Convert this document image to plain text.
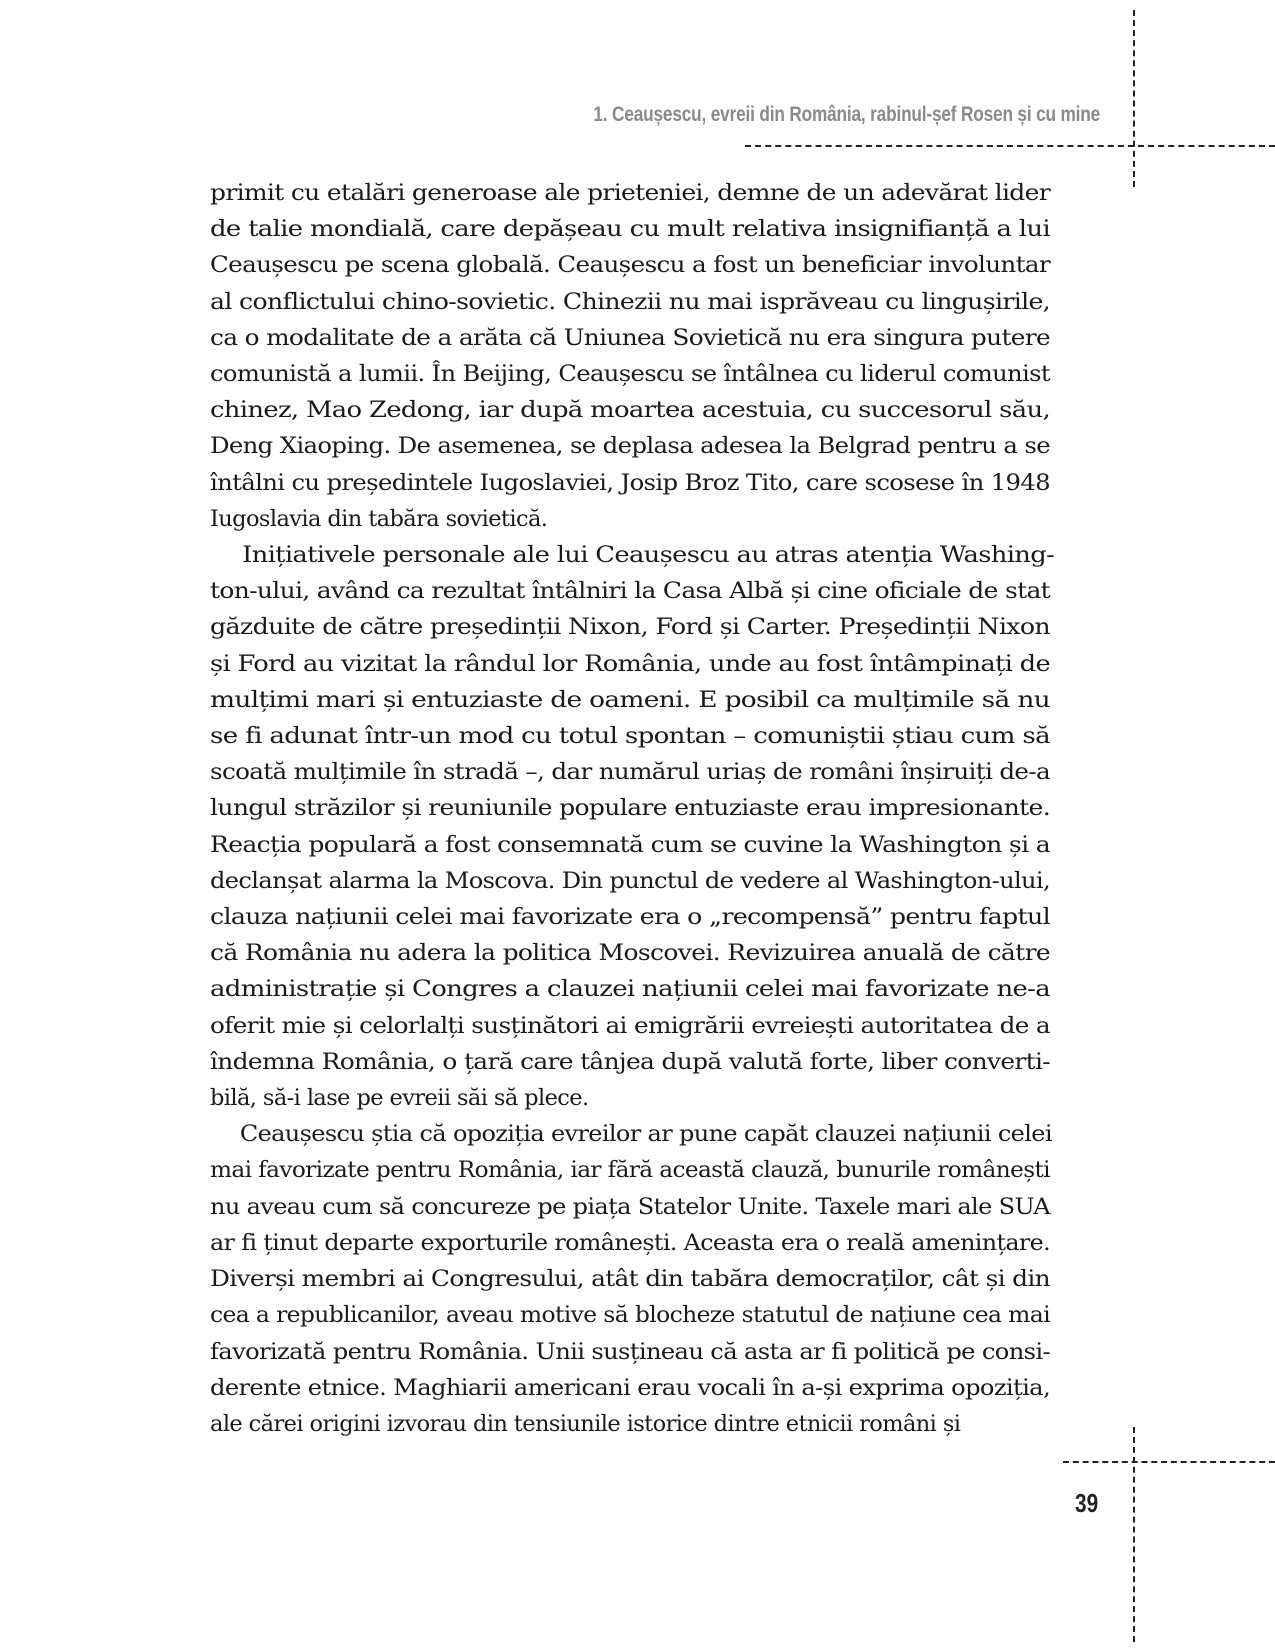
1. Ceaușescu, evreii din România, rabinul-șef Rosen și cu mine
primit cu etalări generoase ale prieteniei, demne de un adevărat lider
de talie mondială, care depășeau cu mult relativa insignifianță a lui
Ceaușescu pe scena globală. Ceaușescu a fost un beneficiar involuntar
al conflictului chino-sovietic. Chinezii nu mai isprăveau cu lingușirile,
ca o modalitate de a arăta că Uniunea Sovietică nu era singura putere
comunistă a lumii. În Beijing, Ceaușescu se întâlnea cu liderul comunist
chinez, Mao Zedong, iar după moartea acestuia, cu succesorul său,
Deng Xiaoping. De asemenea, se deplasa adesea la Belgrad pentru a se
întâlni cu președintele Iugoslaviei, Josip Broz Tito, care scosese în 1948
Iugoslavia din tabăra sovietică.
Inițiativele personale ale lui Ceaușescu au atras atenția Washing-
ton-ului, având ca rezultat întâlniri la Casa Albă și cine oficiale de stat
găzduite de către președinții Nixon, Ford și Carter. Președinții Nixon
și Ford au vizitat la rândul lor România, unde au fost întâmpinați de
mulțimi mari și entuziaste de oameni. E posibil ca mulțimile să nu
se fi adunat într-un mod cu totul spontan – comuniștii știau cum să
scoată mulțimile în stradă –, dar numărul uriaș de români înșiruiți de-a
lungul străzilor și reuniunile populare entuziaste erau impresionante.
Reacția populară a fost consemnată cum se cuvine la Washington și a
declanșat alarma la Moscova. Din punctul de vedere al Washington-ului,
clauza națiunii celei mai favorizate era o „recompensă” pentru faptul
că România nu adera la politica Moscovei. Revizuirea anuală de către
administrație și Congres a clauzei națiunii celei mai favorizate ne-a
oferit mie și celorlalți susținători ai emigrării evreiești autoritatea de a
îndemna România, o țară care tânjea după valută forte, liber converti-
bilă, să-i lase pe evreii săi să plece.
Ceaușescu știa că opoziția evreilor ar pune capăt clauzei națiunii celei
mai favorizate pentru România, iar fără această clauză, bunurile românești
nu aveau cum să concureze pe piața Statelor Unite. Taxele mari ale SUA
ar fi ținut departe exporturile românești. Aceasta era o reală amenințare.
Diverși membri ai Congresului, atât din tabăra democraților, cât și din
cea a republicanilor, aveau motive să blocheze statutul de națiune cea mai
favorizată pentru România. Unii susțineau că asta ar fi politică pe consi-
derente etnice. Maghiarii americani erau vocali în a-și exprima opoziția,
ale cărei origini izvorau din tensiunile istorice dintre etnicii români și
39
